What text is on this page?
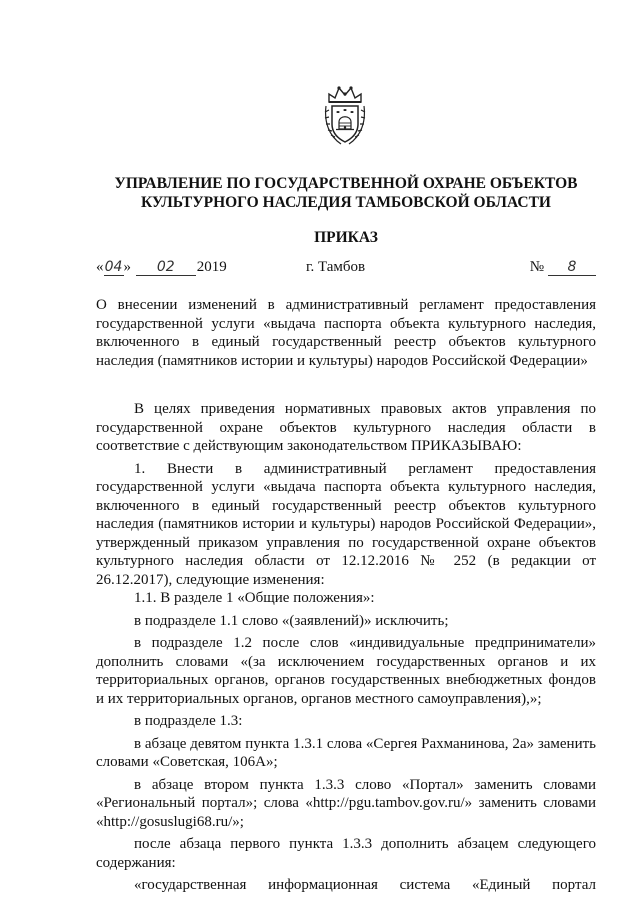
УПРАВЛЕНИЕ ПО ГОСУДАРСТВЕННОЙ ОХРАНЕ ОБЪЕКТОВ
КУЛЬТУРНОГО НАСЛЕДИЯ ТАМБОВСКОЙ ОБЛАСТИ
ПРИКАЗ
«04» 02 2019	г. Тамбов	№ 8
О внесении изменений в административный регламент предоставления государственной услуги «выдача паспорта объекта культурного наследия, включенного в единый государственный реестр объектов культурного наследия (памятников истории и культуры) народов Российской Федерации»

В целях приведения нормативных правовых актов управления по государственной охране объектов культурного наследия области в соответствие с действующим законодательством ПРИКАЗЫВАЮ:

1. Внести в административный регламент предоставления государственной услуги «выдача паспорта объекта культурного наследия, включенного в единый государственный реестр объектов культурного наследия (памятников истории и культуры) народов Российской Федерации», утвержденный приказом управления по государственной охране объектов культурного наследия области от 12.12.2016 № 252 (в редакции от 26.12.2017), следующие изменения:

1.1. В разделе 1 «Общие положения»:

в подразделе 1.1 слово «(заявлений)» исключить;

в подразделе 1.2 после слов «индивидуальные предприниматели» дополнить словами «(за исключением государственных органов и их территориальных органов, органов государственных внебюджетных фондов и их территориальных органов, органов местного самоуправления),»;

в подразделе 1.3:

в абзаце девятом пункта 1.3.1 слова «Сергея Рахманинова, 2а» заменить словами «Советская, 106А»;

в абзаце втором пункта 1.3.3 слово «Портал» заменить словами «Региональный портал»; слова «http://pgu.tambov.gov.ru/» заменить словами «http://gosuslugi68.ru/»;

после абзаца первого пункта 1.3.3 дополнить абзацем следующего содержания:

«государственная информационная система «Единый портал
